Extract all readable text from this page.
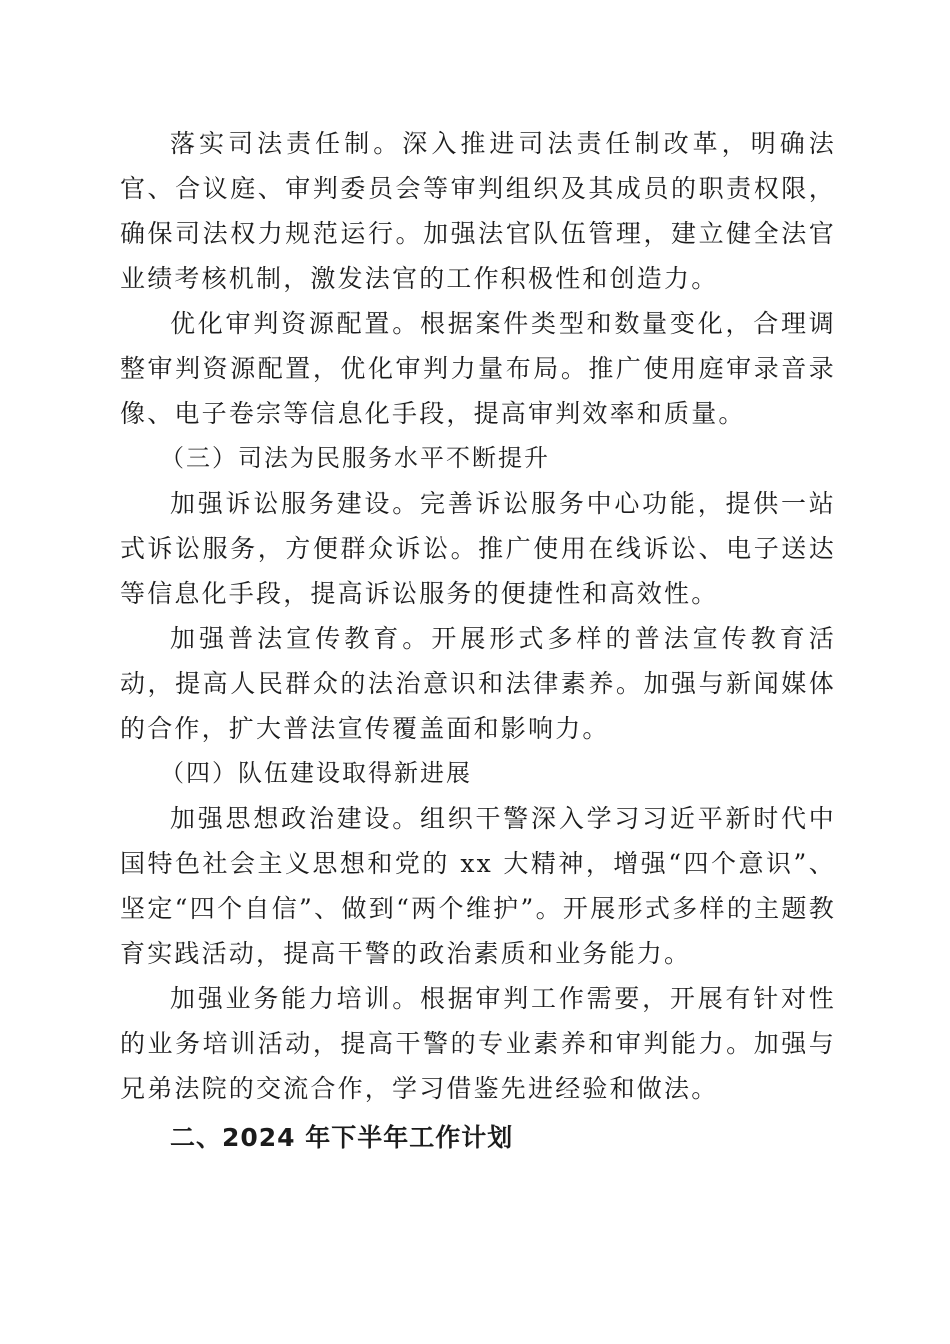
落实司法责任制。深入推进司法责任制改革，明确法官、合议庭、审判委员会等审判组织及其成员的职责权限，确保司法权力规范运行。加强法官队伍管理，建立健全法官业绩考核机制，激发法官的工作积极性和创造力。

优化审判资源配置。根据案件类型和数量变化，合理调整审判资源配置，优化审判力量布局。推广使用庭审录音录像、电子卷宗等信息化手段，提高审判效率和质量。

（三）司法为民服务水平不断提升

加强诉讼服务建设。完善诉讼服务中心功能，提供一站式诉讼服务，方便群众诉讼。推广使用在线诉讼、电子送达等信息化手段，提高诉讼服务的便捷性和高效性。

加强普法宣传教育。开展形式多样的普法宣传教育活动，提高人民群众的法治意识和法律素养。加强与新闻媒体的合作，扩大普法宣传覆盖面和影响力。

（四）队伍建设取得新进展

加强思想政治建设。组织干警深入学习习近平新时代中国特色社会主义思想和党的 xx 大精神，增强“四个意识”、坚定“四个自信”、做到“两个维护”。开展形式多样的主题教育实践活动，提高干警的政治素质和业务能力。

加强业务能力培训。根据审判工作需要，开展有针对性的业务培训活动，提高干警的专业素养和审判能力。加强与兄弟法院的交流合作，学习借鉴先进经验和做法。

二、2024 年下半年工作计划
